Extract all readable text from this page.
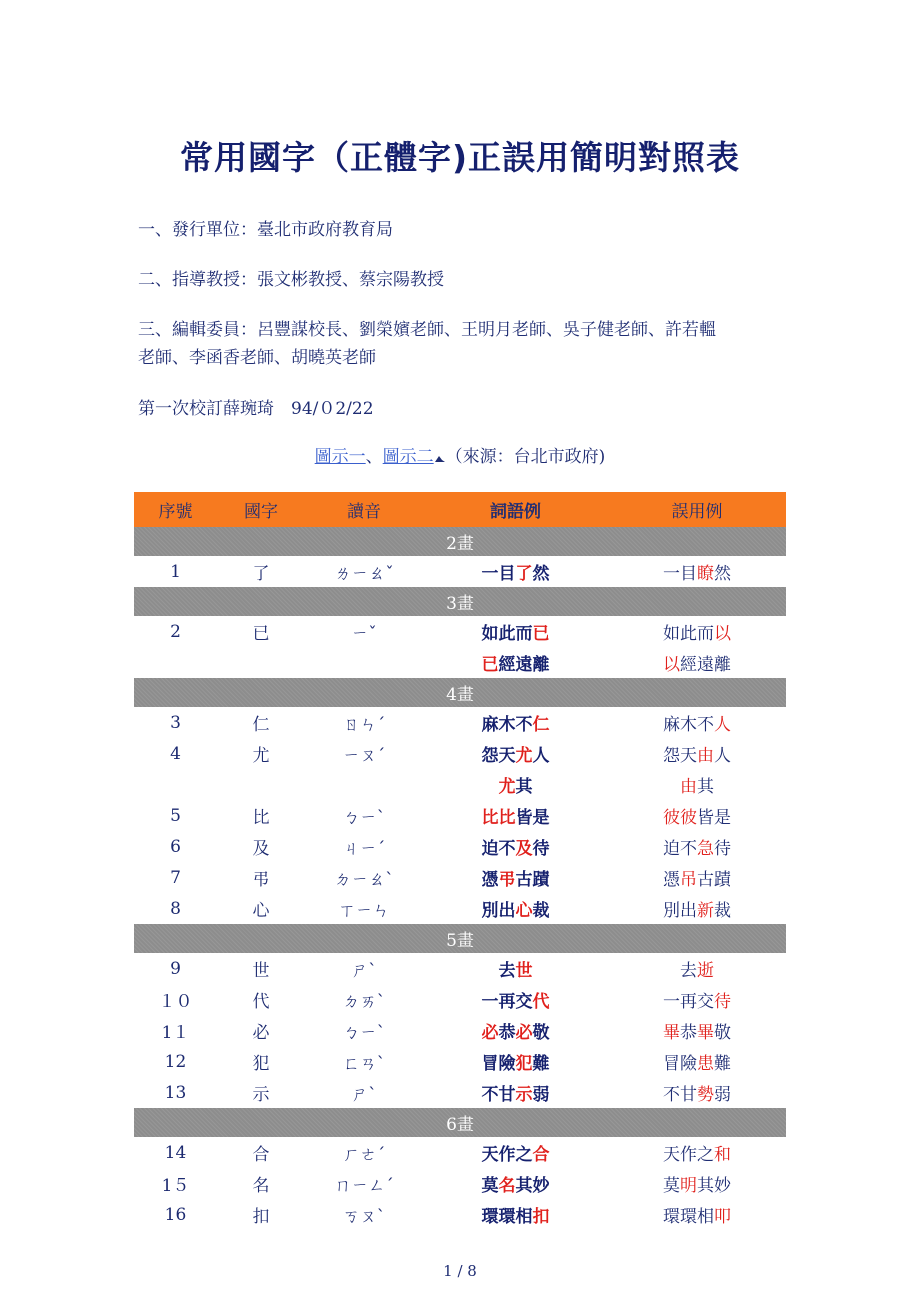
常用國字（正體字)正誤用簡明對照表
一、發行單位：臺北市政府教育局
二、指導教授：張文彬教授、蔡宗陽教授
三、編輯委員：呂豐謀校長、劉榮嬪老師、王明月老師、吳子健老師、許若轀
老師、李函香老師、胡曉英老師
第一次校訂薛琬琦　94/０2/22
圖示一、圖示二 （來源：台北市政府)
序號	國字	讀音	詞語例	誤用例
2畫				
1	了	ㄌㄧㄠˇ	一目了然	一目瞭然
3畫				
2	已	ㄧˇ	如此而已	如此而以
			已經遠離	以經遠離
4畫				
3	仁	ㄖㄣˊ	麻木不仁	麻木不人
4	尤	ㄧㄡˊ	怨天尤人	怨天由人
			尤其	由其
5	比	ㄅㄧˋ	比比皆是	彼彼皆是
6	及	ㄐㄧˊ	迫不及待	迫不急待
7	弔	ㄉㄧㄠˋ	憑弔古蹟	憑吊古蹟
8	心	ㄒㄧㄣ	別出心裁	別出新裁
5畫				
9	世	ㄕˋ	去世	去逝
１０	代	ㄉㄞˋ	一再交代	一再交待
1１	必	ㄅㄧˋ	必恭必敬	畢恭畢敬
12	犯	ㄈㄢˋ	冒險犯難	冒險患難
13	示	ㄕˋ	不甘示弱	不甘勢弱
6畫				
14	合	ㄏㄜˊ	天作之合	天作之和
1５	名	ㄇㄧㄥˊ	莫名其妙	莫明其妙
16	扣	ㄎㄡˋ	環環相扣	環環相叩
1 / 8
